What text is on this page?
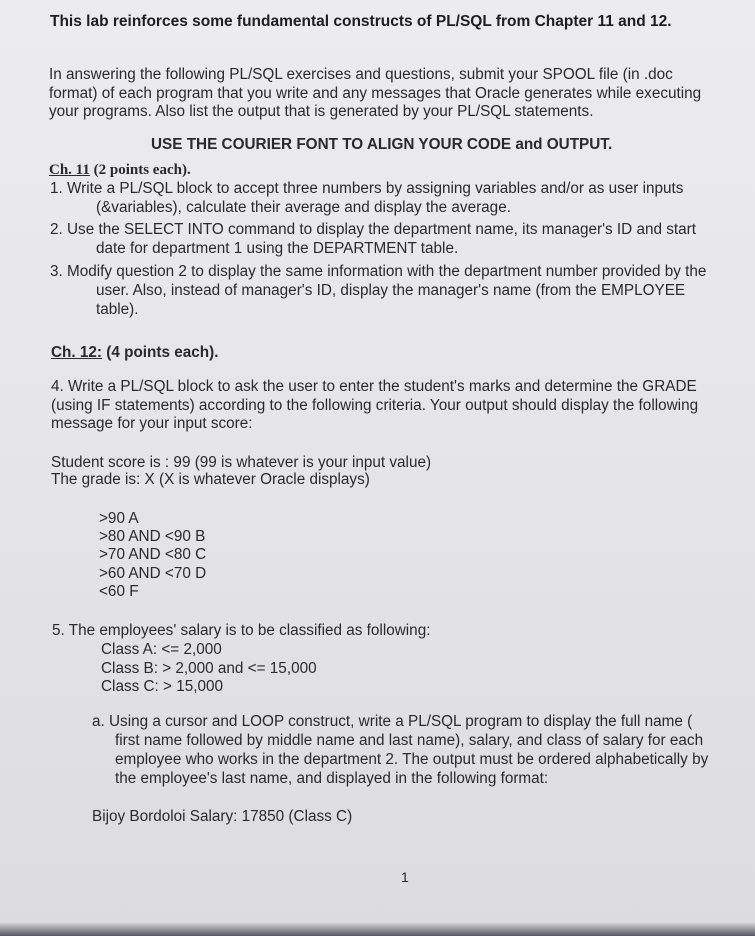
This lab reinforces some fundamental constructs of PL/SQL from Chapter 11 and 12.
In answering the following PL/SQL exercises and questions, submit your SPOOL file (in .doc
format) of each program that you write and any messages that Oracle generates while executing
your programs. Also list the output that is generated by your PL/SQL statements.
USE THE COURIER FONT TO ALIGN YOUR CODE and OUTPUT.
Ch. 11 (2 points each).
1. Write a PL/SQL block to accept three numbers by assigning variables and/or as user inputs
(&variables), calculate their average and display the average.
2. Use the SELECT INTO command to display the department name, its manager's ID and start
date for department 1 using the DEPARTMENT table.
3. Modify question 2 to display the same information with the department number provided by the
user. Also, instead of manager's ID, display the manager's name (from the EMPLOYEE
table).
Ch. 12: (4 points each).
4. Write a PL/SQL block to ask the user to enter the student's marks and determine the GRADE
(using IF statements) according to the following criteria. Your output should display the following
message for your input score:
Student score is : 99 (99 is whatever is your input value)
The grade is: X (X is whatever Oracle displays)
>90 A
>80 AND <90 B
>70 AND <80 C
>60 AND <70 D
<60 F
5. The employees' salary is to be classified as following:
Class A: <= 2,000
Class B: > 2,000 and <= 15,000
Class C: > 15,000
a. Using a cursor and LOOP construct, write a PL/SQL program to display the full name (
first name followed by middle name and last name), salary, and class of salary for each
employee who works in the department 2. The output must be ordered alphabetically by
the employee's last name, and displayed in the following format:
Bijoy Bordoloi Salary: 17850 (Class C)
1
